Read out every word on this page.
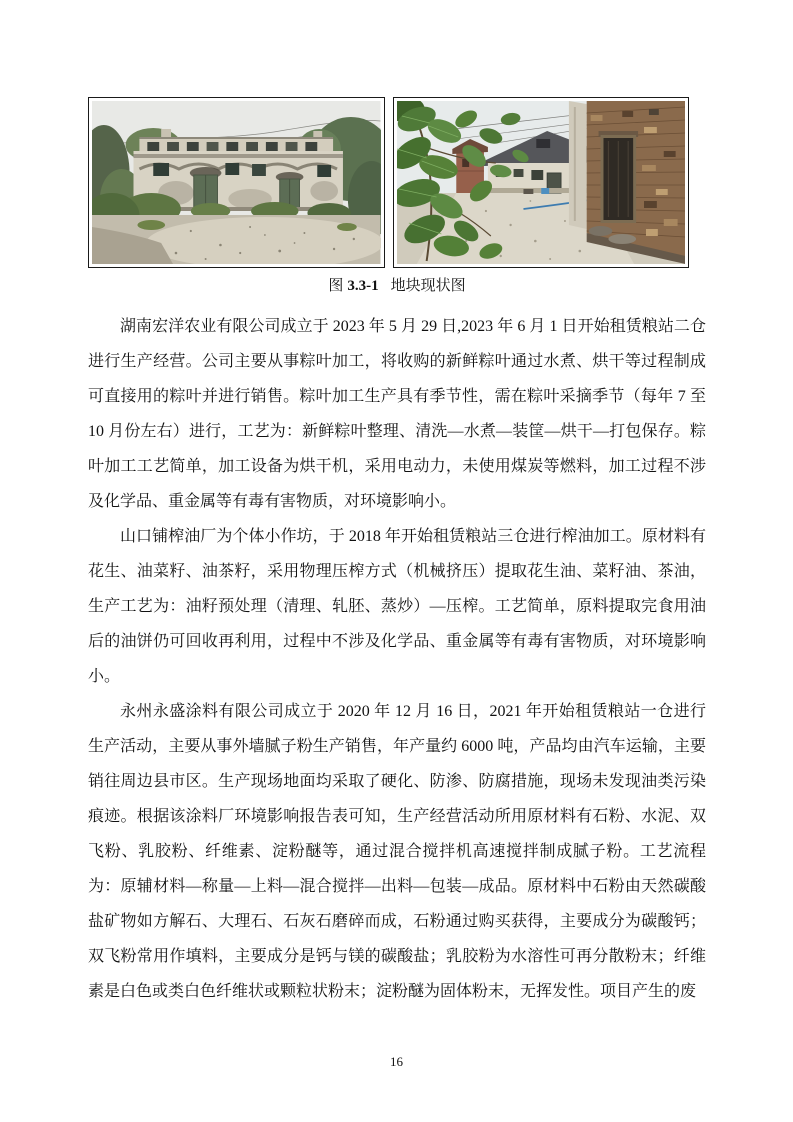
图 3.3-1 地块现状图

湖南宏洋农业有限公司成立于 2023 年 5 月 29 日,2023 年 6 月 1 日开始租赁粮站二仓进行生产经营。公司主要从事粽叶加工，将收购的新鲜粽叶通过水煮、烘干等过程制成可直接用的粽叶并进行销售。粽叶加工生产具有季节性，需在粽叶采摘季节（每年 7 至 10 月份左右）进行，工艺为：新鲜粽叶整理、清洗—水煮—装筐—烘干—打包保存。粽叶加工工艺简单，加工设备为烘干机，采用电动力，未使用煤炭等燃料，加工过程不涉及化学品、重金属等有毒有害物质，对环境影响小。

山口铺榨油厂为个体小作坊，于 2018 年开始租赁粮站三仓进行榨油加工。原材料有花生、油菜籽、油茶籽，采用物理压榨方式（机械挤压）提取花生油、菜籽油、茶油，生产工艺为：油籽预处理（清理、轧胚、蒸炒）—压榨。工艺简单，原料提取完食用油后的油饼仍可回收再利用，过程中不涉及化学品、重金属等有毒有害物质，对环境影响小。

永州永盛涂料有限公司成立于 2020 年 12 月 16 日，2021 年开始租赁粮站一仓进行生产活动，主要从事外墙腻子粉生产销售，年产量约 6000 吨，产品均由汽车运输，主要销往周边县市区。生产现场地面均采取了硬化、防渗、防腐措施，现场未发现油类污染痕迹。根据该涂料厂环境影响报告表可知，生产经营活动所用原材料有石粉、水泥、双飞粉、乳胶粉、纤维素、淀粉醚等，通过混合搅拌机高速搅拌制成腻子粉。工艺流程为：原辅材料—称量—上料—混合搅拌—出料—包装—成品。原材料中石粉由天然碳酸盐矿物如方解石、大理石、石灰石磨碎而成，石粉通过购买获得，主要成分为碳酸钙；双飞粉常用作填料，主要成分是钙与镁的碳酸盐；乳胶粉为水溶性可再分散粉末；纤维素是白色或类白色纤维状或颗粒状粉末；淀粉醚为固体粉末，无挥发性。项目产生的废

16
